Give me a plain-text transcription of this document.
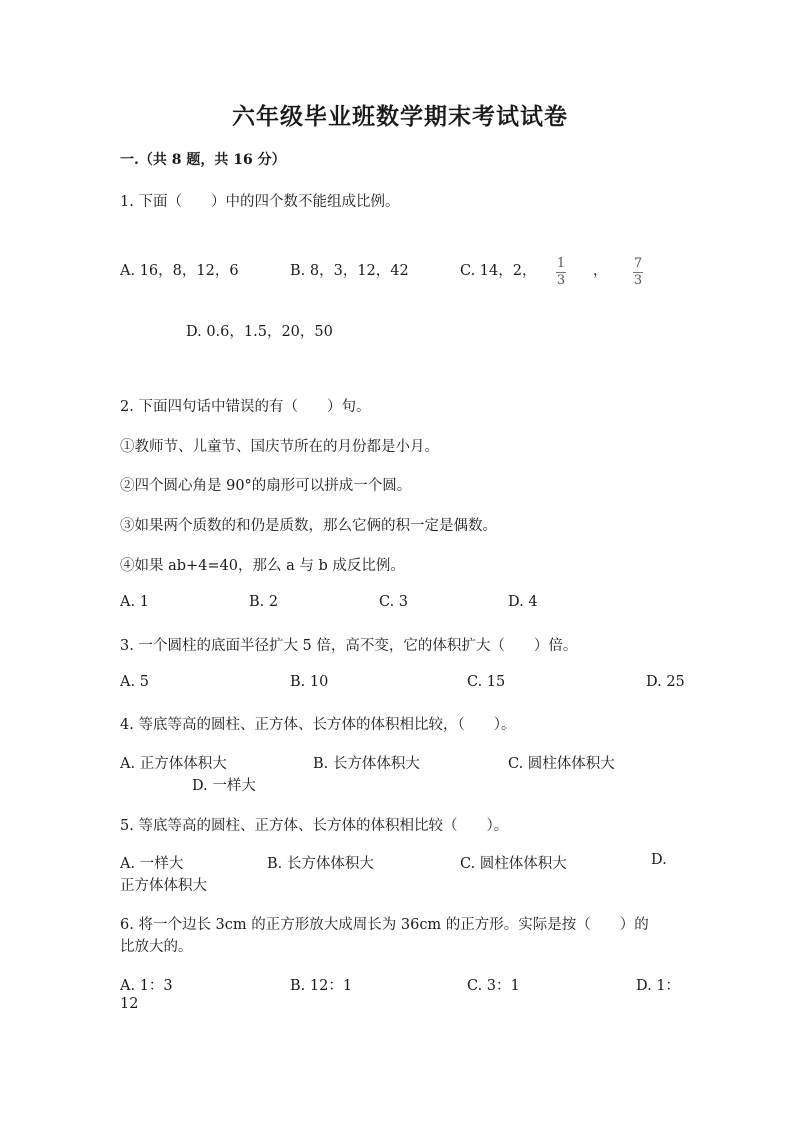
六年级毕业班数学期末考试试卷
一.（共 8 题，共 16 分）
1. 下面（　　）中的四个数不能组成比例。
A. 16，8，12，6	B. 8，3，12，42	C. 14，2， $\frac{1}{3}$ ， $\frac{7}{3}$
D. 0.6，1.5，20，50
2. 下面四句话中错误的有（　　）句。
①教师节、儿童节、国庆节所在的月份都是小月。
②四个圆心角是 90°的扇形可以拼成一个圆。
③如果两个质数的和仍是质数，那么它俩的积一定是偶数。
④如果 ab+4=40，那么 a 与 b 成反比例。
A. 1	B. 2	C. 3	D. 4
3. 一个圆柱的底面半径扩大 5 倍，高不变，它的体积扩大（　　）倍。
A. 5	B. 10	C. 15	D. 25
4. 等底等高的圆柱、正方体、长方体的体积相比较，（　　）。
A. 正方体体积大	B. 长方体体积大	C. 圆柱体体积大
D. 一样大
5. 等底等高的圆柱、正方体、长方体的体积相比较（　　）。
A. 一样大	B. 长方体体积大	C. 圆柱体体积大	D.
正方体体积大
6. 将一个边长 3cm 的正方形放大成周长为 36cm 的正方形。实际是按（　　）的
比放大的。
A. 1：3	B. 12：1	C. 3：1	D. 1：
12
